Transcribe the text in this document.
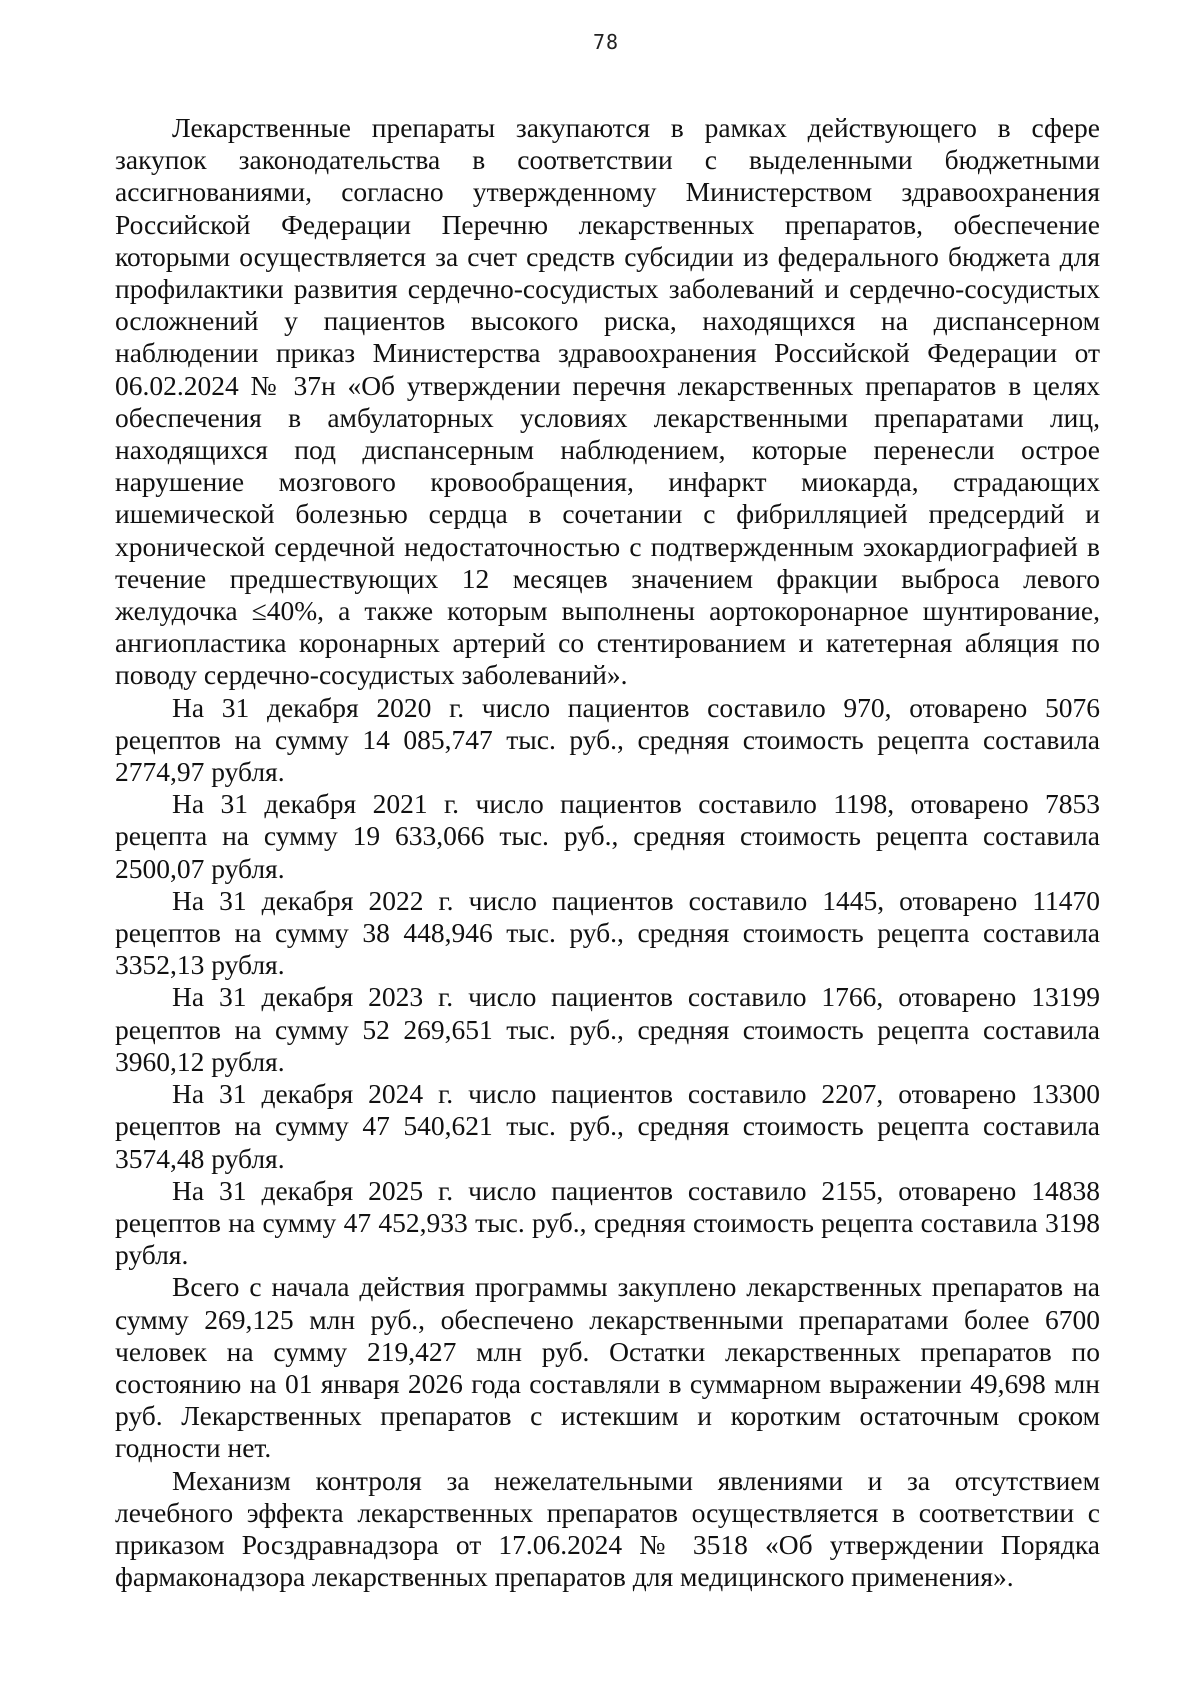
78

Лекарственные препараты закупаются в рамках действующего в сфере закупок законодательства в соответствии с выделенными бюджетными ассигнованиями, согласно утвержденному Министерством здравоохранения Российской Федерации Перечню лекарственных препаратов, обеспечение которыми осуществляется за счет средств субсидии из федерального бюджета для профилактики развития сердечно-сосудистых заболеваний и сердечно-сосудистых осложнений у пациентов высокого риска, находящихся на диспансерном наблюдении приказ Министерства здравоохранения Российской Федерации от 06.02.2024 № 37н «Об утверждении перечня лекарственных препаратов в целях обеспечения в амбулаторных условиях лекарственными препаратами лиц, находящихся под диспансерным наблюдением, которые перенесли острое нарушение мозгового кровообращения, инфаркт миокарда, страдающих ишемической болезнью сердца в сочетании с фибрилляцией предсердий и хронической сердечной недостаточностью с подтвержденным эхокардиографией в течение предшествующих 12 месяцев значением фракции выброса левого желудочка ≤40%, а также которым выполнены аортокоронарное шунтирование, ангиопластика коронарных артерий со стентированием и катетерная абляция по поводу сердечно-сосудистых заболеваний».

На 31 декабря 2020 г. число пациентов составило 970, отоварено 5076 рецептов на сумму 14 085,747 тыс. руб., средняя стоимость рецепта составила 2774,97 рубля.

На 31 декабря 2021 г. число пациентов составило 1198, отоварено 7853 рецепта на сумму 19 633,066 тыс. руб., средняя стоимость рецепта составила 2500,07 рубля.

На 31 декабря 2022 г. число пациентов составило 1445, отоварено 11470 рецептов на сумму 38 448,946 тыс. руб., средняя стоимость рецепта составила 3352,13 рубля.

На 31 декабря 2023 г. число пациентов составило 1766, отоварено 13199 рецептов на сумму 52 269,651 тыс. руб., средняя стоимость рецепта составила 3960,12 рубля.

На 31 декабря 2024 г. число пациентов составило 2207, отоварено 13300 рецептов на сумму 47 540,621 тыс. руб., средняя стоимость рецепта составила 3574,48 рубля.

На 31 декабря 2025 г. число пациентов составило 2155, отоварено 14838 рецептов на сумму 47 452,933 тыс. руб., средняя стоимость рецепта составила 3198 рубля.

Всего с начала действия программы закуплено лекарственных препаратов на сумму 269,125 млн руб., обеспечено лекарственными препаратами более 6700 человек на сумму 219,427 млн руб. Остатки лекарственных препаратов по состоянию на 01 января 2026 года составляли в суммарном выражении 49,698 млн руб. Лекарственных препаратов с истекшим и коротким остаточным сроком годности нет.

Механизм контроля за нежелательными явлениями и за отсутствием лечебного эффекта лекарственных препаратов осуществляется в соответствии с приказом Росздравнадзора от 17.06.2024 № 3518 «Об утверждении Порядка фармаконадзора лекарственных препаратов для медицинского применения».
